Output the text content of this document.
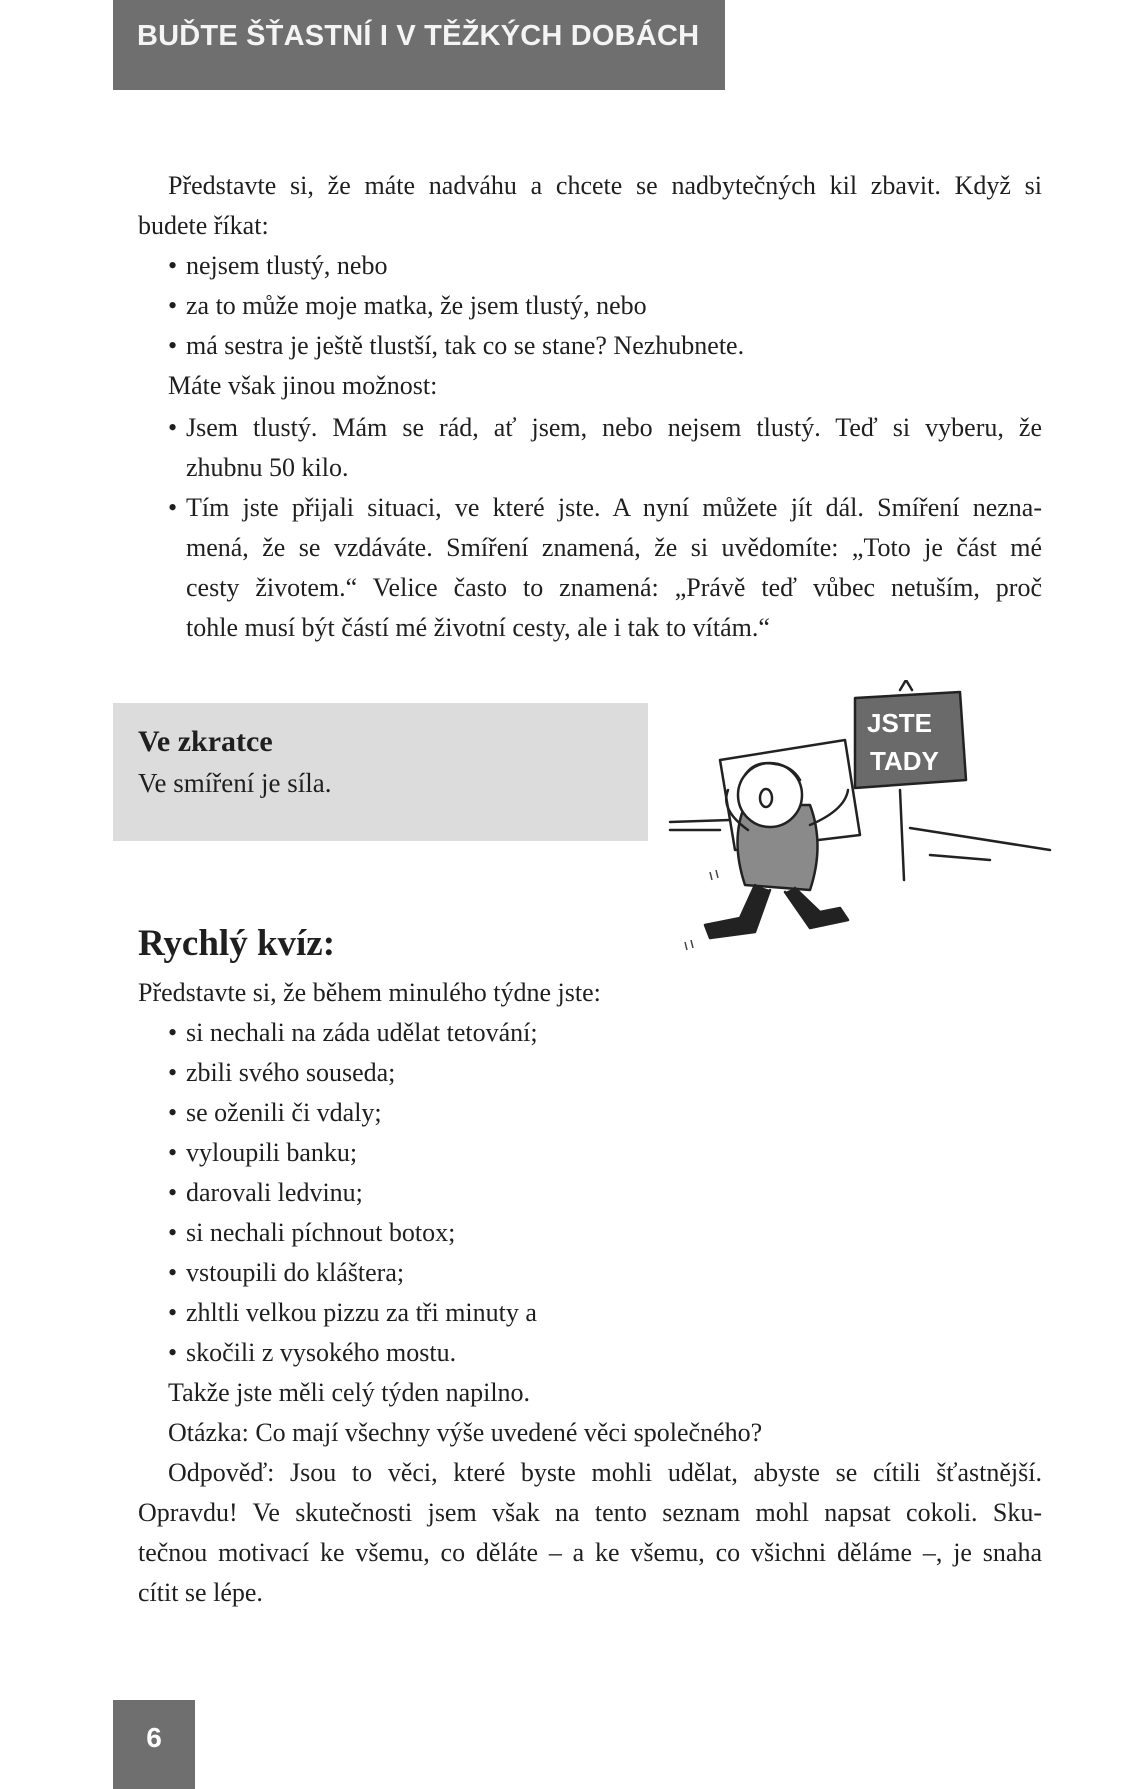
BUĎTE ŠŤASTNÍ I V TĚŽKÝCH DOBÁCH
Představte si, že máte nadváhu a chcete se nadbytečných kil zbavit. Když si
budete říkat:
• nejsem tlustý, nebo
• za to může moje matka, že jsem tlustý, nebo
• má sestra je ještě tlustší, tak co se stane? Nezhubnete.
Máte však jinou možnost:
• Jsem tlustý. Mám se rád, ať jsem, nebo nejsem tlustý. Teď si vyberu, že
zhubnu 50 kilo.
• Tím jste přijali situaci, ve které jste. A nyní můžete jít dál. Smíření nezna-
mená, že se vzdáváte. Smíření znamená, že si uvědomíte: „Toto je část mé
cesty životem.“ Velice často to znamená: „Právě teď vůbec netuším, proč
tohle musí být částí mé životní cesty, ale i tak to vítám.“
Ve zkratce
Ve smíření je síla.
JSTE
TADY
Rychlý kvíz:
Představte si, že během minulého týdne jste:
• si nechali na záda udělat tetování;
• zbili svého souseda;
• se oženili či vdaly;
• vyloupili banku;
• darovali ledvinu;
• si nechali píchnout botox;
• vstoupili do kláštera;
• zhltli velkou pizzu za tři minuty a
• skočili z vysokého mostu.
Takže jste měli celý týden napilno.
Otázka: Co mají všechny výše uvedené věci společného?
Odpověď: Jsou to věci, které byste mohli udělat, abyste se cítili šťastnější.
Opravdu! Ve skutečnosti jsem však na tento seznam mohl napsat cokoli. Sku-
tečnou motivací ke všemu, co děláte – a ke všemu, co všichni děláme –, je snaha
cítit se lépe.
6
